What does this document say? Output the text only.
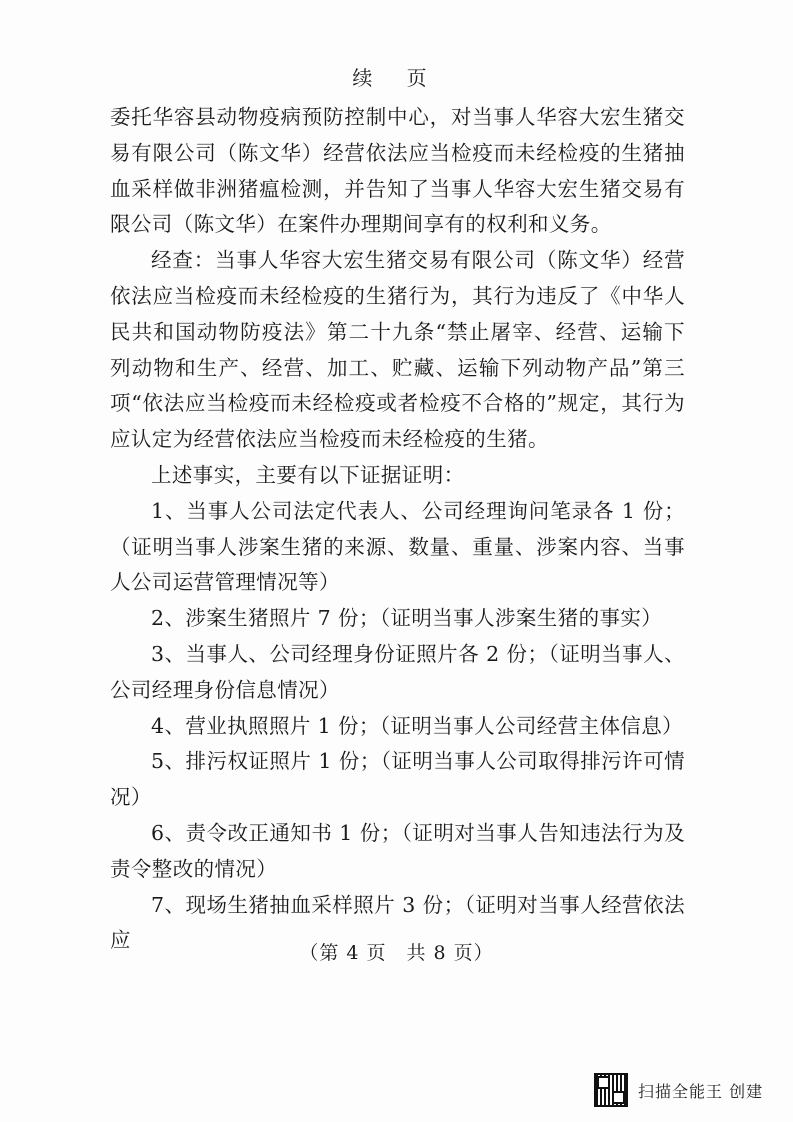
续 页

委托华容县动物疫病预防控制中心，对当事人华容大宏生猪交易有限公司（陈文华）经营依法应当检疫而未经检疫的生猪抽血采样做非洲猪瘟检测，并告知了当事人华容大宏生猪交易有限公司（陈文华）在案件办理期间享有的权利和义务。

经查：当事人华容大宏生猪交易有限公司（陈文华）经营依法应当检疫而未经检疫的生猪行为，其行为违反了《中华人民共和国动物防疫法》第二十九条“禁止屠宰、经营、运输下列动物和生产、经营、加工、贮藏、运输下列动物产品”第三项“依法应当检疫而未经检疫或者检疫不合格的”规定，其行为应认定为经营依法应当检疫而未经检疫的生猪。

上述事实，主要有以下证据证明：

1、当事人公司法定代表人、公司经理询问笔录各 1 份；（证明当事人涉案生猪的来源、数量、重量、涉案内容、当事人公司运营管理情况等）

2、涉案生猪照片 7 份；（证明当事人涉案生猪的事实）

3、当事人、公司经理身份证照片各 2 份；（证明当事人、公司经理身份信息情况）

4、营业执照照片 1 份；（证明当事人公司经营主体信息）

5、排污权证照片 1 份；（证明当事人公司取得排污许可情况）

6、责令改正通知书 1 份；（证明对当事人告知违法行为及责令整改的情况）

7、现场生猪抽血采样照片 3 份；（证明对当事人经营依法应

（第 4 页　共 8 页）

扫描全能王 创建
